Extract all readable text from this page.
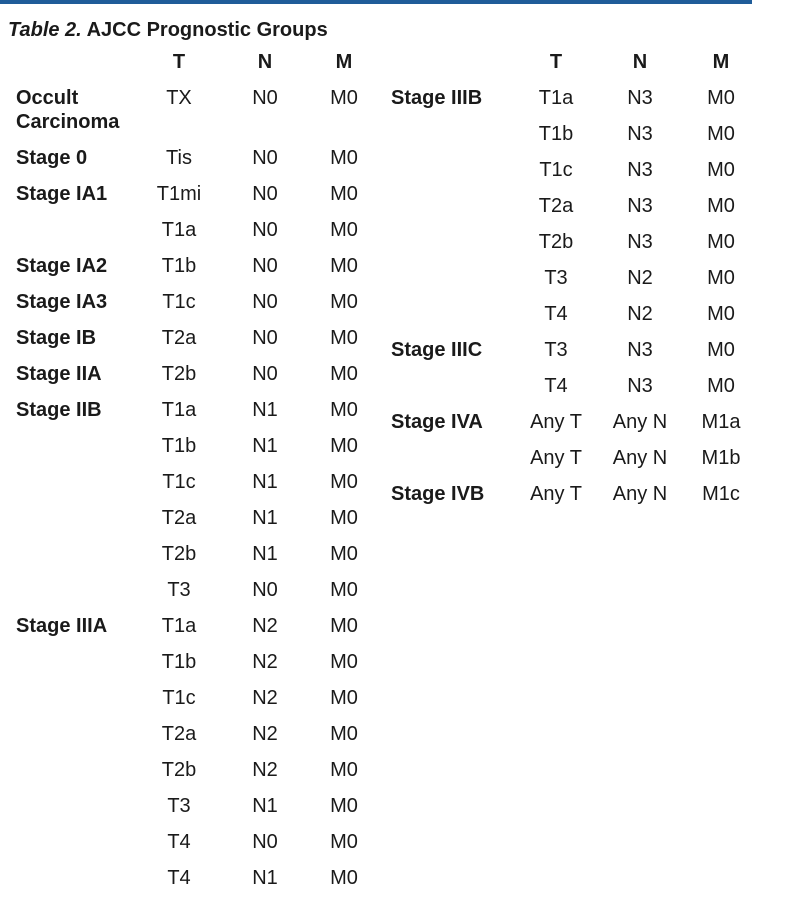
Table 2. AJCC Prognostic Groups
	T	N	M
Occult Carcinoma	TX	N0	M0
Stage 0	Tis	N0	M0
Stage IA1	T1mi	N0	M0
	T1a	N0	M0
Stage IA2	T1b	N0	M0
Stage IA3	T1c	N0	M0
Stage IB	T2a	N0	M0
Stage IIA	T2b	N0	M0
Stage IIB	T1a	N1	M0
	T1b	N1	M0
	T1c	N1	M0
	T2a	N1	M0
	T2b	N1	M0
	T3	N0	M0
Stage IIIA	T1a	N2	M0
	T1b	N2	M0
	T1c	N2	M0
	T2a	N2	M0
	T2b	N2	M0
	T3	N1	M0
	T4	N0	M0
	T4	N1	M0
	T	N	M
Stage IIIB	T1a	N3	M0
	T1b	N3	M0
	T1c	N3	M0
	T2a	N3	M0
	T2b	N3	M0
	T3	N2	M0
	T4	N2	M0
Stage IIIC	T3	N3	M0
	T4	N3	M0
Stage IVA	Any T	Any N	M1a
	Any T	Any N	M1b
Stage IVB	Any T	Any N	M1c
